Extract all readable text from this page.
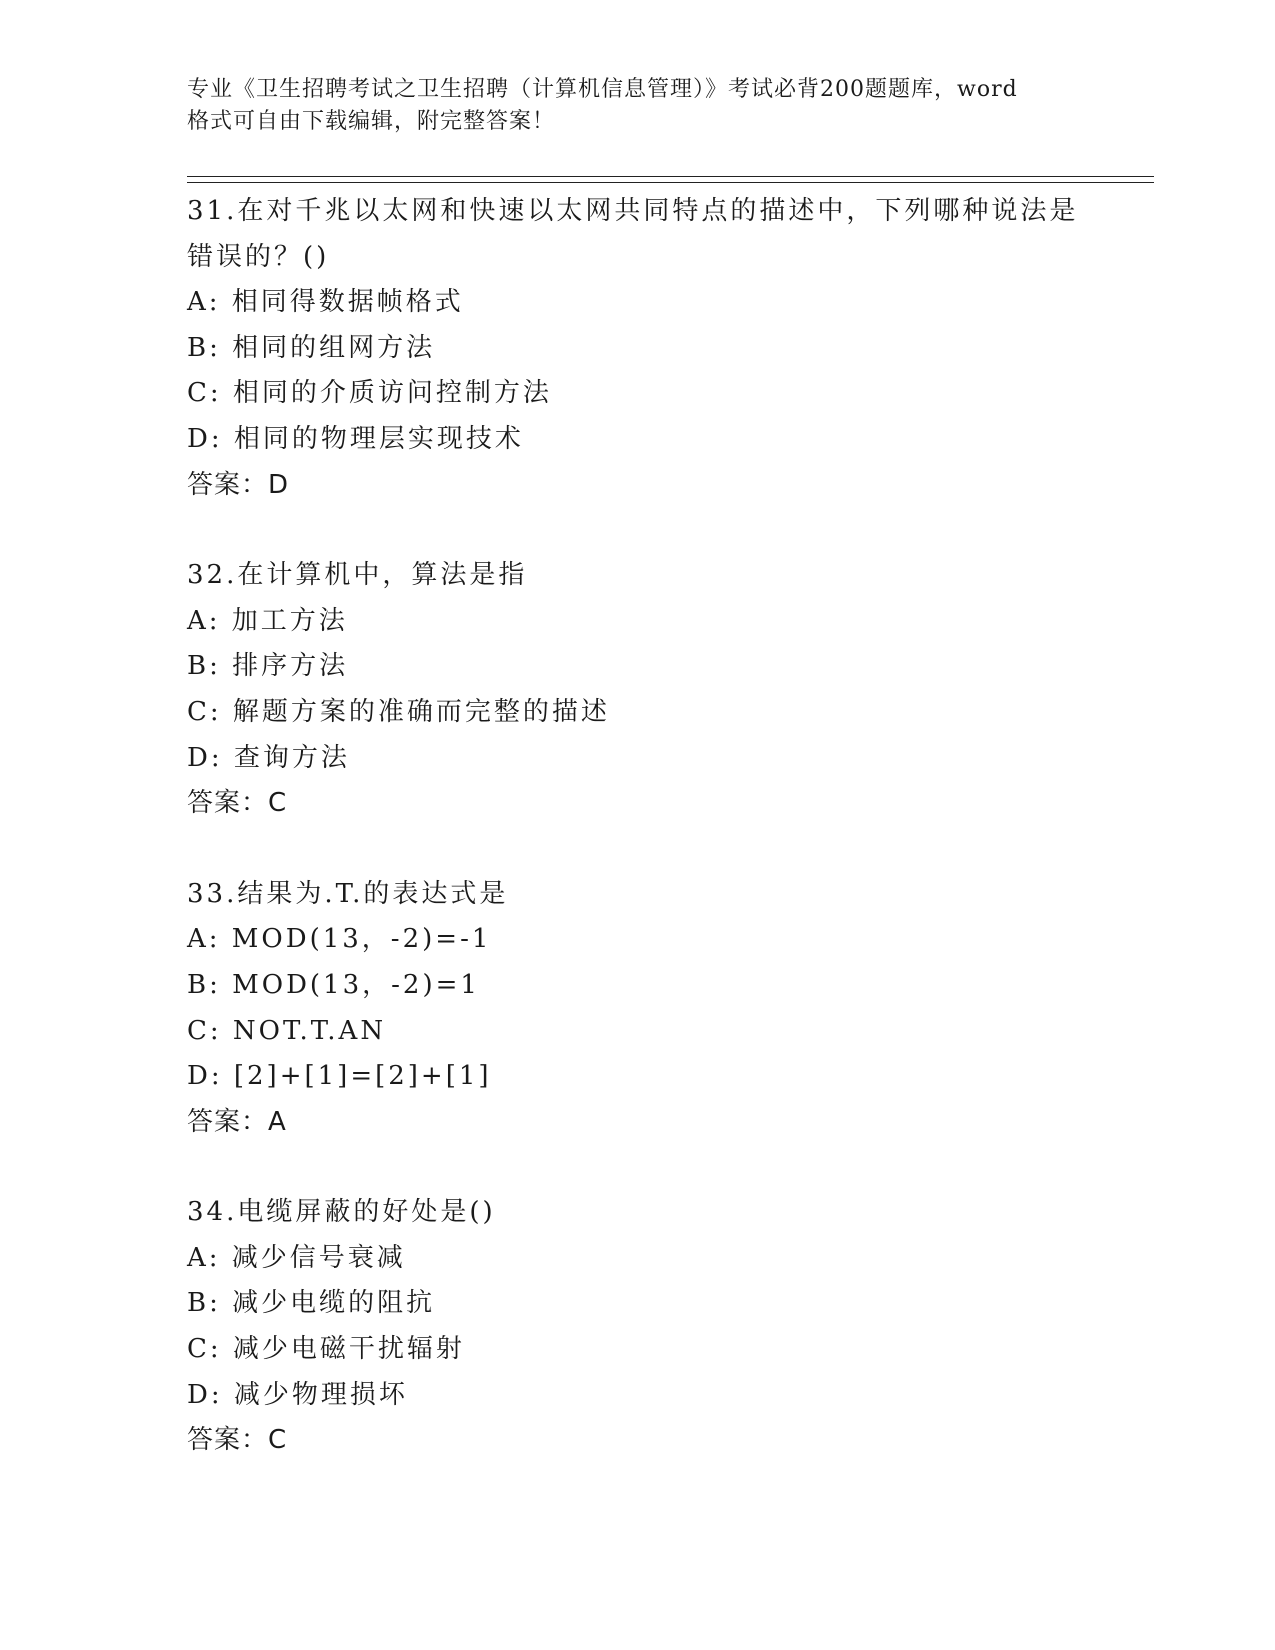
专业《卫生招聘考试之卫生招聘（计算机信息管理）》考试必背200题题库，word
格式可自由下载编辑，附完整答案！
31.在对千兆以太网和快速以太网共同特点的描述中，下列哪种说法是
错误的？()
A: 相同得数据帧格式
B: 相同的组网方法
C: 相同的介质访问控制方法
D: 相同的物理层实现技术
答案：D
32.在计算机中，算法是指
A: 加工方法
B: 排序方法
C: 解题方案的准确而完整的描述
D: 查询方法
答案：C
33.结果为.T.的表达式是
A: MOD(13，-2)=-1
B: MOD(13，-2)=1
C: NOT.T.AN
D: [2]+[1]=[2]+[1]
答案：A
34.电缆屏蔽的好处是()
A: 减少信号衰减
B: 减少电缆的阻抗
C: 减少电磁干扰辐射
D: 减少物理损坏
答案：C
